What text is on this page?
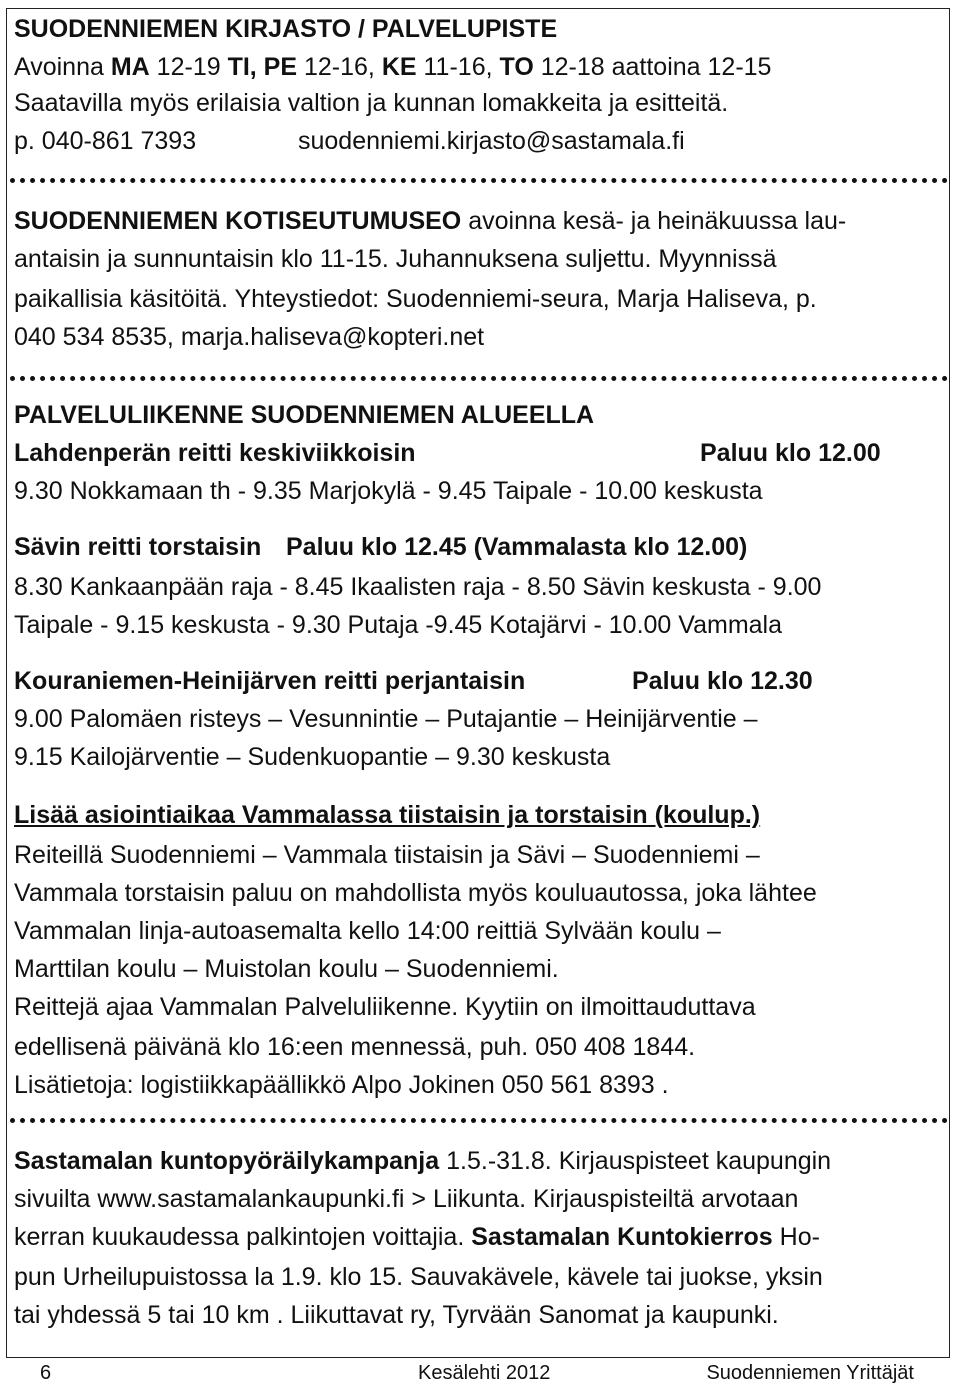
SUODENNIEMEN KIRJASTO / PALVELUPISTE
Avoinna MA 12-19 TI, PE 12-16, KE 11-16, TO 12-18 aattoina 12-15
Saatavilla myös erilaisia valtion ja kunnan lomakkeita ja esitteitä.
p. 040-861 7393	suodenniemi.kirjasto@sastamala.fi
SUODENNIEMEN KOTISEUTUMUSEO avoinna kesä- ja heinäkuussa lau-
antaisin ja sunnuntaisin klo 11-15. Juhannuksena suljettu. Myynnissä
paikallisia käsitöitä. Yhteystiedot: Suodenniemi-seura, Marja Haliseva, p.
040 534 8535, marja.haliseva@kopteri.net
PALVELULIIKENNE SUODENNIEMEN ALUEELLA
Lahdenperän reitti keskiviikkoisin	Paluu klo 12.00
9.30 Nokkamaan th - 9.35 Marjokylä - 9.45 Taipale - 10.00 keskusta
Sävin reitti torstaisin Paluu klo 12.45 (Vammalasta klo 12.00)
8.30 Kankaanpään raja - 8.45 Ikaalisten raja - 8.50 Sävin keskusta - 9.00
Taipale - 9.15 keskusta - 9.30 Putaja -9.45 Kotajärvi - 10.00 Vammala
Kouraniemen-Heinijärven reitti perjantaisin	Paluu klo 12.30
9.00 Palomäen risteys – Vesunnintie – Putajantie – Heinijärventie –
9.15 Kailojärventie – Sudenkuopantie – 9.30 keskusta
Lisää asiointiaikaa Vammalassa tiistaisin ja torstaisin (koulup.)
Reiteillä Suodenniemi – Vammala tiistaisin ja Sävi – Suodenniemi –
Vammala torstaisin paluu on mahdollista myös kouluautossa, joka lähtee
Vammalan linja-autoasemalta kello 14:00 reittiä Sylvään koulu –
Marttilan koulu – Muistolan koulu – Suodenniemi.
Reittejä ajaa Vammalan Palveluliikenne. Kyytiin on ilmoittauduttava
edellisenä päivänä klo 16:een mennessä, puh. 050 408 1844.
Lisätietoja: logistiikkapäällikkö Alpo Jokinen 050 561 8393 .
Sastamalan kuntopyöräilykampanja 1.5.-31.8. Kirjauspisteet kaupungin
sivuilta www.sastamalankaupunki.fi > Liikunta. Kirjauspisteiltä arvotaan
kerran kuukaudessa palkintojen voittajia. Sastamalan Kuntokierros Ho-
pun Urheilupuistossa la 1.9. klo 15. Sauvakävele, kävele tai juokse, yksin
tai yhdessä 5 tai 10 km . Liikuttavat ry, Tyrvään Sanomat ja kaupunki.
6	Kesälehti 2012	Suodenniemen Yrittäjät
